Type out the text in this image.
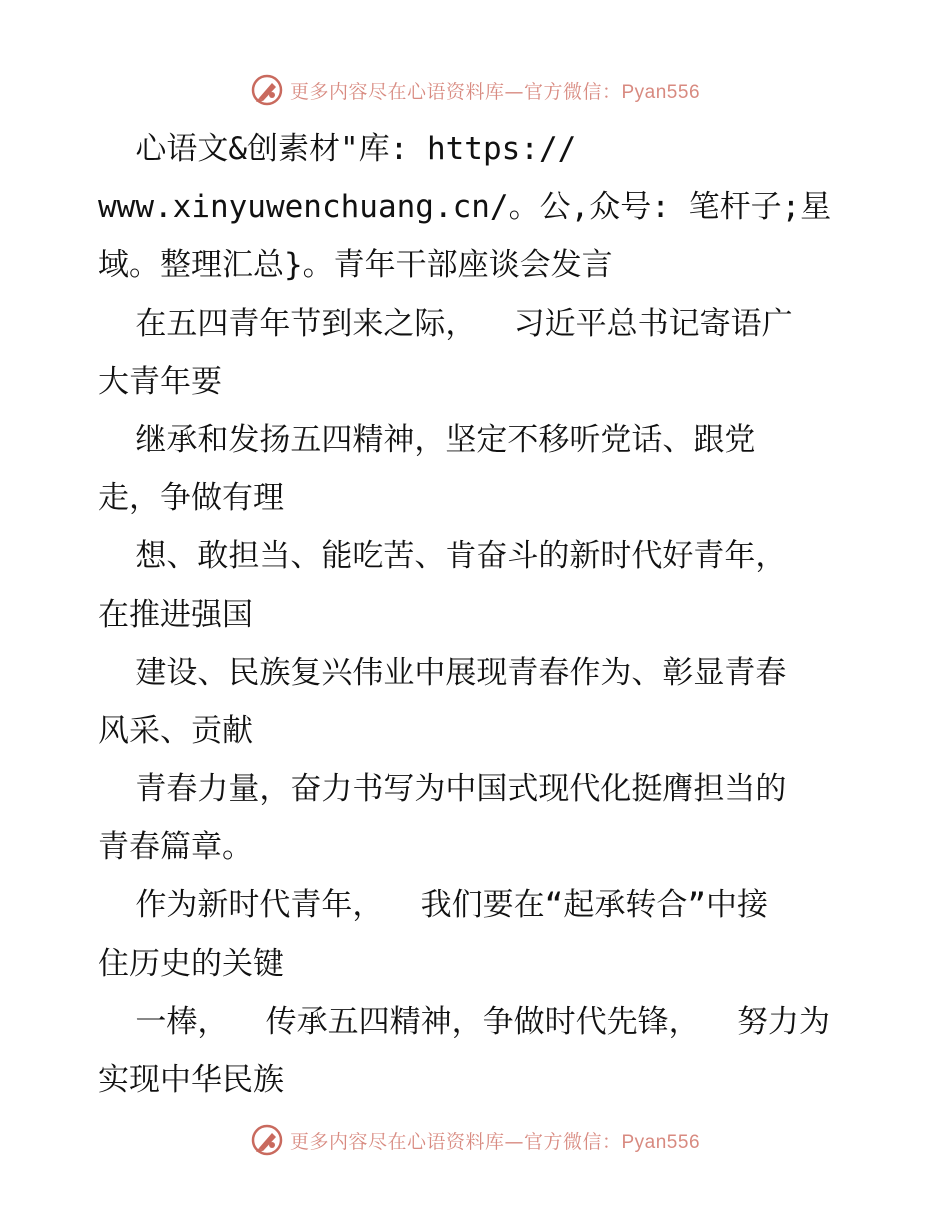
更多内容尽在心语资料库—官方微信：Pyan556
心语文&创素材"库: https://
www.xinyuwenchuang.cn/。公,众号: 笔杆子;星
域。整理汇总}。青年干部座谈会发言
在五四青年节到来之际，  习近平总书记寄语广
大青年要
继承和发扬五四精神，坚定不移听党话、跟党
走，争做有理
想、敢担当、能吃苦、肯奋斗的新时代好青年，
在推进强国
建设、民族复兴伟业中展现青春作为、彰显青春
风采、贡献
青春力量，奋力书写为中国式现代化挺膺担当的
青春篇章。
作为新时代青年，  我们要在“起承转合”中接
住历史的关键
一棒，  传承五四精神，争做时代先锋，  努力为
实现中华民族
更多内容尽在心语资料库—官方微信：Pyan556
